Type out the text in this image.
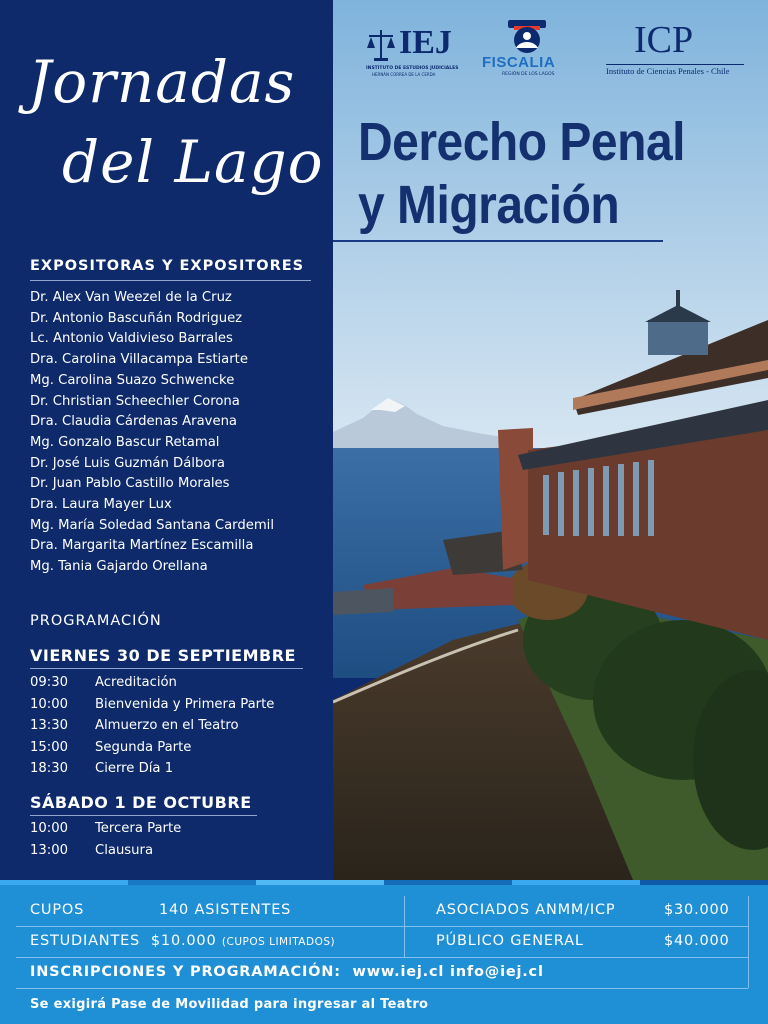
Jornadas
del Lago
EXPOSITORAS Y EXPOSITORES
Dr. Alex Van Weezel de la Cruz
Dr. Antonio Bascuñán Rodriguez
Lc. Antonio Valdivieso Barrales
Dra. Carolina Villacampa Estiarte
Mg. Carolina Suazo Schwencke
Dr. Christian Scheechler Corona
Dra. Claudia Cárdenas Aravena
Mg. Gonzalo Bascur Retamal
Dr. José Luis Guzmán Dálbora
Dr. Juan Pablo Castillo Morales
Dra. Laura Mayer Lux
Mg. María Soledad Santana Cardemil
Dra. Margarita Martínez Escamilla
Mg. Tania Gajardo Orellana
PROGRAMACIÓN
VIERNES 30 DE SEPTIEMBRE
09:30 Acreditación
10:00 Bienvenida y Primera Parte
13:30 Almuerzo en el Teatro
15:00 Segunda Parte
18:30 Cierre Día 1
SÁBADO 1 DE OCTUBRE
10:00 Tercera Parte
13:00 Clausura
IEJ
INSTITUTO DE ESTUDIOS JUDICIALES
HERNÁN CORREA DE LA CERDA
FISCALIA
REGIÓN DE LOS LAGOS
ICP
Instituto de Ciencias Penales - Chile
Derecho Penal
y Migración
CUPOS	140 ASISTENTES	ASOCIADOS ANMM/ICP	$30.000
ESTUDIANTES $10.000 (CUPOS LIMITADOS)	PÚBLICO GENERAL	$40.000
INSCRIPCIONES Y PROGRAMACIÓN: www.iej.cl info@iej.cl
Se exigirá Pase de Movilidad para ingresar al Teatro
